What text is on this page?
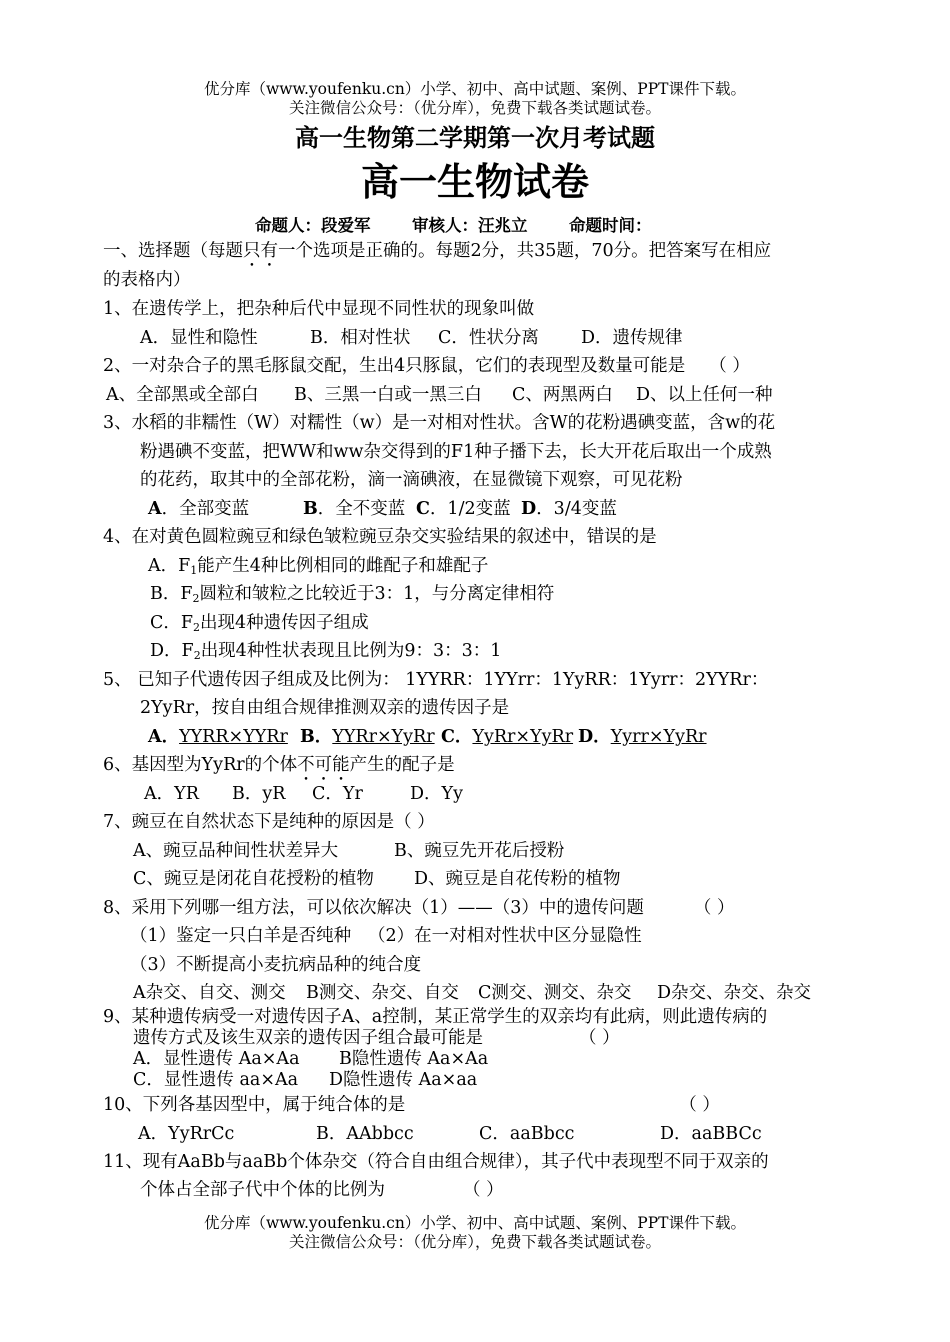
优分库（www.youfenku.cn）小学、初中、高中试题、案例、PPT课件下载。
关注微信公众号：（优分库），免费下载各类试题试卷。
高一生物第二学期第一次月考试题
高一生物试卷
命题人：段爱军	审核人：汪兆立	命题时间：
一、选择题（每题只有一个选项是正确的。每题2分，共35题，70分。把答案写在相应
的表格内）
1、在遗传学上，把杂种后代中显现不同性状的现象叫做
A．显性和隐性	B．相对性状 C．性状分离 D．遗传规律
2、一对杂合子的黑毛豚鼠交配，生出4只豚鼠，它们的表现型及数量可能是 （ ）
A、全部黑或全部白 B、三黑一白或一黑三白 C、两黑两白 D、以上任何一种
3、水稻的非糯性（W）对糯性（w）是一对相对性状。含W的花粉遇碘变蓝，含w的花
粉遇碘不变蓝，把WW和ww杂交得到的F1种子播下去，长大开花后取出一个成熟
的花药，取其中的全部花粉，滴一滴碘液，在显微镜下观察，可见花粉
A．全部变蓝	B．全不变蓝 C．1/2变蓝 D．3/4变蓝
4、在对黄色圆粒豌豆和绿色皱粒豌豆杂交实验结果的叙述中，错误的是
A．$F_1$能产生4种比例相同的雌配子和雄配子
B．$F_2$圆粒和皱粒之比较近于3：1，与分离定律相符
C．$F_2$出现4种遗传因子组成
D．$F_2$出现4种性状表现且比例为9：3：3：1
5、 已知子代遗传因子组成及比例为： 1YYRR：1YYrr：1YyRR：1Yyrr：2YYRr：
2YyRr，按自由组合规律推测双亲的遗传因子是
A．YYRR×YYRr B．YYRr×YyRr C．YyRr×YyRr D．Yyrr×YyRr
6、基因型为YyRr的个体不可能产生的配子是
A．YR B．yR C．Yr	D．Yy
7、豌豆在自然状态下是纯种的原因是（ ）
A、豌豆品种间性状差异大	B、豌豆先开花后授粉
C、豌豆是闭花自花授粉的植物 D、豌豆是自花传粉的植物
8、采用下列哪一组方法，可以依次解决（1）——（3）中的遗传问题	（ ）
（1）鉴定一只白羊是否纯种 （2）在一对相对性状中区分显隐性
（3）不断提高小麦抗病品种的纯合度
A杂交、自交、测交 B测交、杂交、自交 C测交、测交、杂交 D杂交、杂交、杂交
9、某种遗传病受一对遗传因子A、a控制，某正常学生的双亲均有此病，则此遗传病的
遗传方式及该生双亲的遗传因子组合最可能是	（ ）
A．显性遗传 Aa×Aa B隐性遗传 Aa×Aa
C．显性遗传 aa×Aa D隐性遗传 Aa×aa
10、下列各基因型中，属于纯合体的是	（ ）
A．YyRrCc	B．AAbbcc	C．aaBbcc	D．aaBBCc
11、现有AaBb与aaBb个体杂交（符合自由组合规律），其子代中表现型不同于双亲的
个体占全部子代中个体的比例为	（ ）
优分库（www.youfenku.cn）小学、初中、高中试题、案例、PPT课件下载。
关注微信公众号：（优分库），免费下载各类试题试卷。
